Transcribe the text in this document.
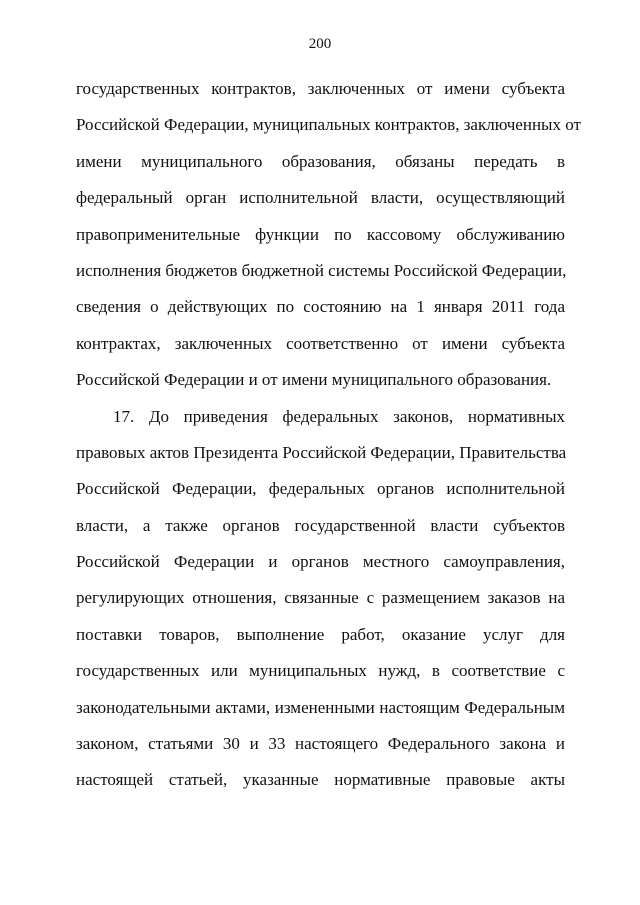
200
государственных контрактов, заключенных от имени субъекта
Российской Федерации, муниципальных контрактов, заключенных от
имени муниципального образования, обязаны передать в
федеральный орган исполнительной власти, осуществляющий
правоприменительные функции по кассовому обслуживанию
исполнения бюджетов бюджетной системы Российской Федерации,
сведения о действующих по состоянию на 1 января 2011 года
контрактах, заключенных соответственно от имени субъекта
Российской Федерации и от имени муниципального образования.
17. До приведения федеральных законов, нормативных
правовых актов Президента Российской Федерации, Правительства
Российской Федерации, федеральных органов исполнительной
власти, а также органов государственной власти субъектов
Российской Федерации и органов местного самоуправления,
регулирующих отношения, связанные с размещением заказов на
поставки товаров, выполнение работ, оказание услуг для
государственных или муниципальных нужд, в соответствие с
законодательными актами, измененными настоящим Федеральным
законом, статьями 30 и 33 настоящего Федерального закона и
настоящей статьей, указанные нормативные правовые акты
